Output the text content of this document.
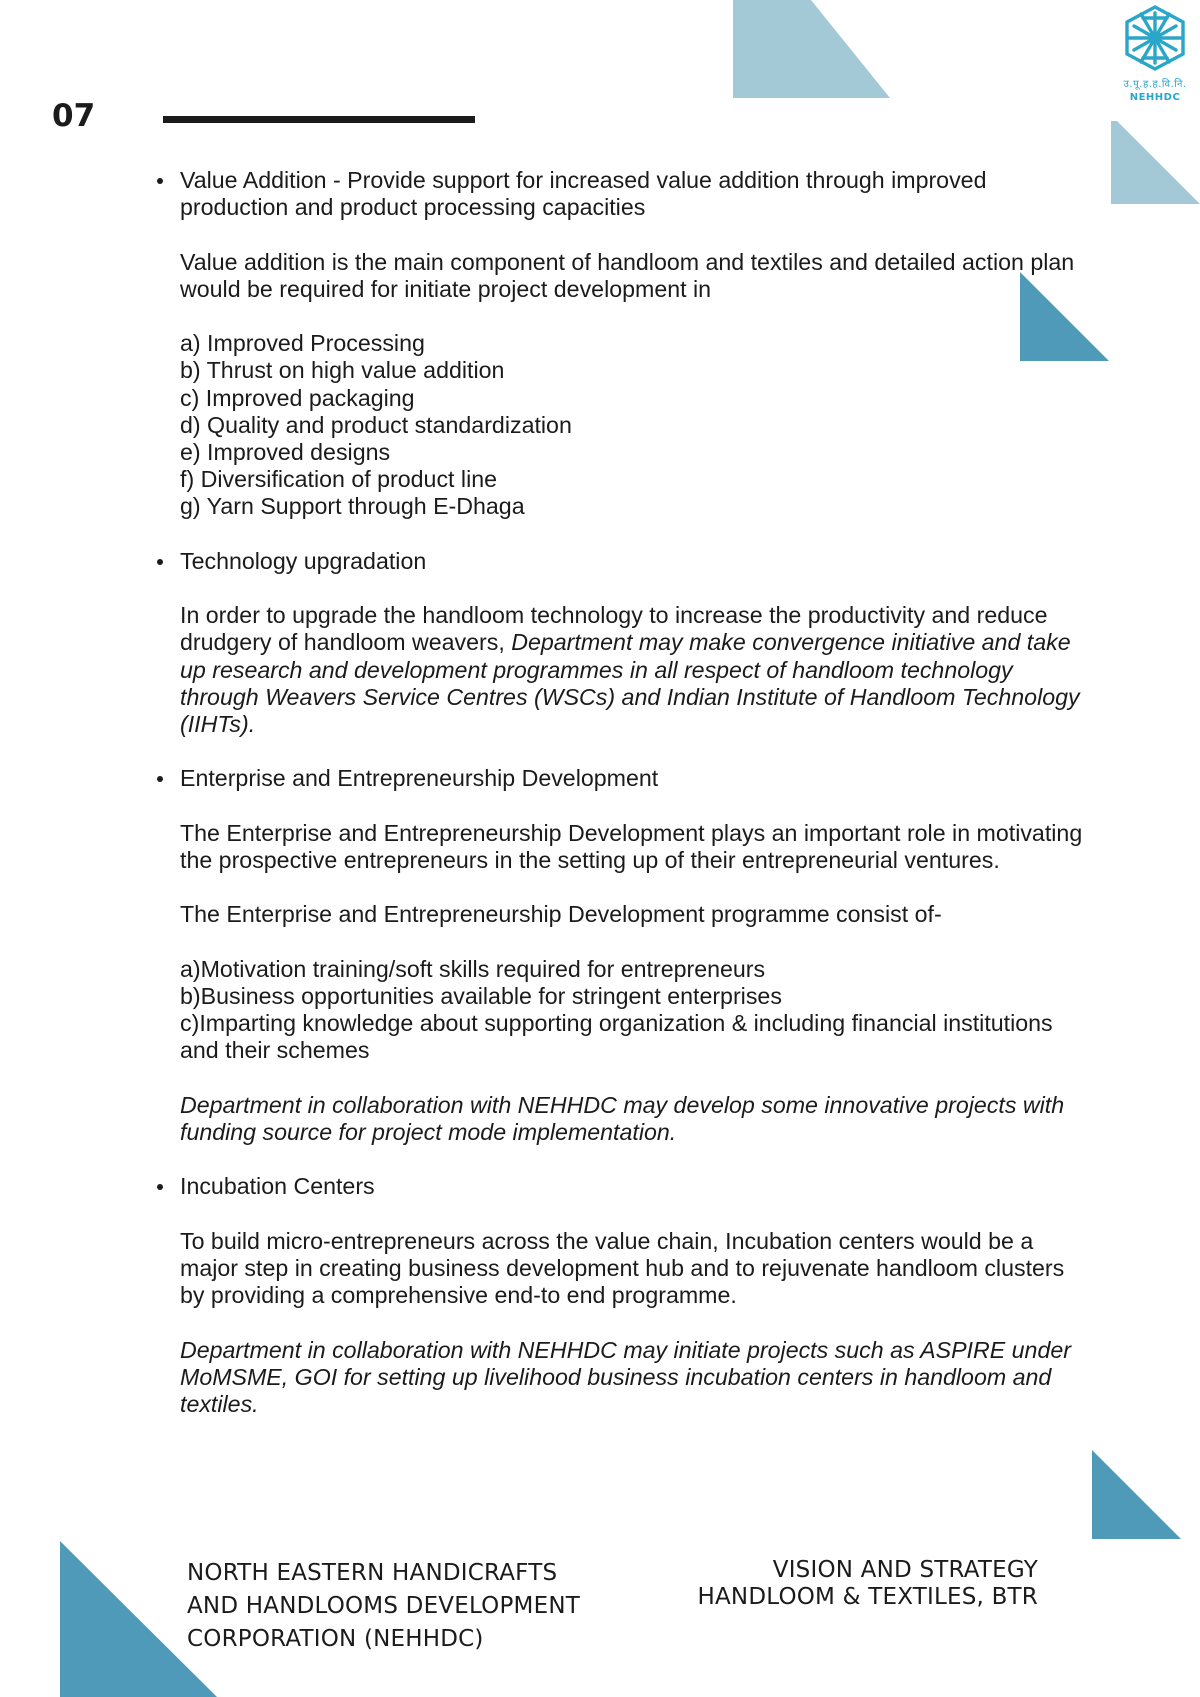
07
उ.पू.ह.ह.वि.नि.
NEHHDC

Value Addition - Provide support for increased value addition through improved production and product processing capacities

Value addition is the main component of handloom and textiles and detailed action plan would be required for initiate project development in

a) Improved Processing

b) Thrust on high value addition

c) Improved packaging

d) Quality and product standardization

e) Improved designs

f) Diversification of product line

g) Yarn Support through E-Dhaga

Technology upgradation

In order to upgrade the handloom technology to increase the productivity and reduce drudgery of handloom weavers, Department may make convergence initiative and take up research and development programmes in all respect of handloom technology through Weavers Service Centres (WSCs) and Indian Institute of Handloom Technology (IIHTs).

Enterprise and Entrepreneurship Development

The Enterprise and Entrepreneurship Development plays an important role in motivating the prospective entrepreneurs in the setting up of their entrepreneurial ventures.

The Enterprise and Entrepreneurship Development programme consist of-

a)Motivation training/soft skills required for entrepreneurs

b)Business opportunities available for stringent enterprises

c)Imparting knowledge about supporting organization & including financial institutions and their schemes

Department in collaboration with NEHHDC may develop some innovative projects with funding source for project mode implementation.

Incubation Centers

To build micro-entrepreneurs across the value chain, Incubation centers would be a major step in creating business development hub and to rejuvenate handloom clusters by providing a comprehensive end-to end programme.

Department in collaboration with NEHHDC may initiate projects such as ASPIRE under MoMSME, GOI for setting up livelihood business incubation centers in handloom and textiles.

NORTH EASTERN HANDICRAFTS
AND HANDLOOMS DEVELOPMENT
CORPORATION (NEHHDC)
VISION AND STRATEGY
HANDLOOM & TEXTILES, BTR
